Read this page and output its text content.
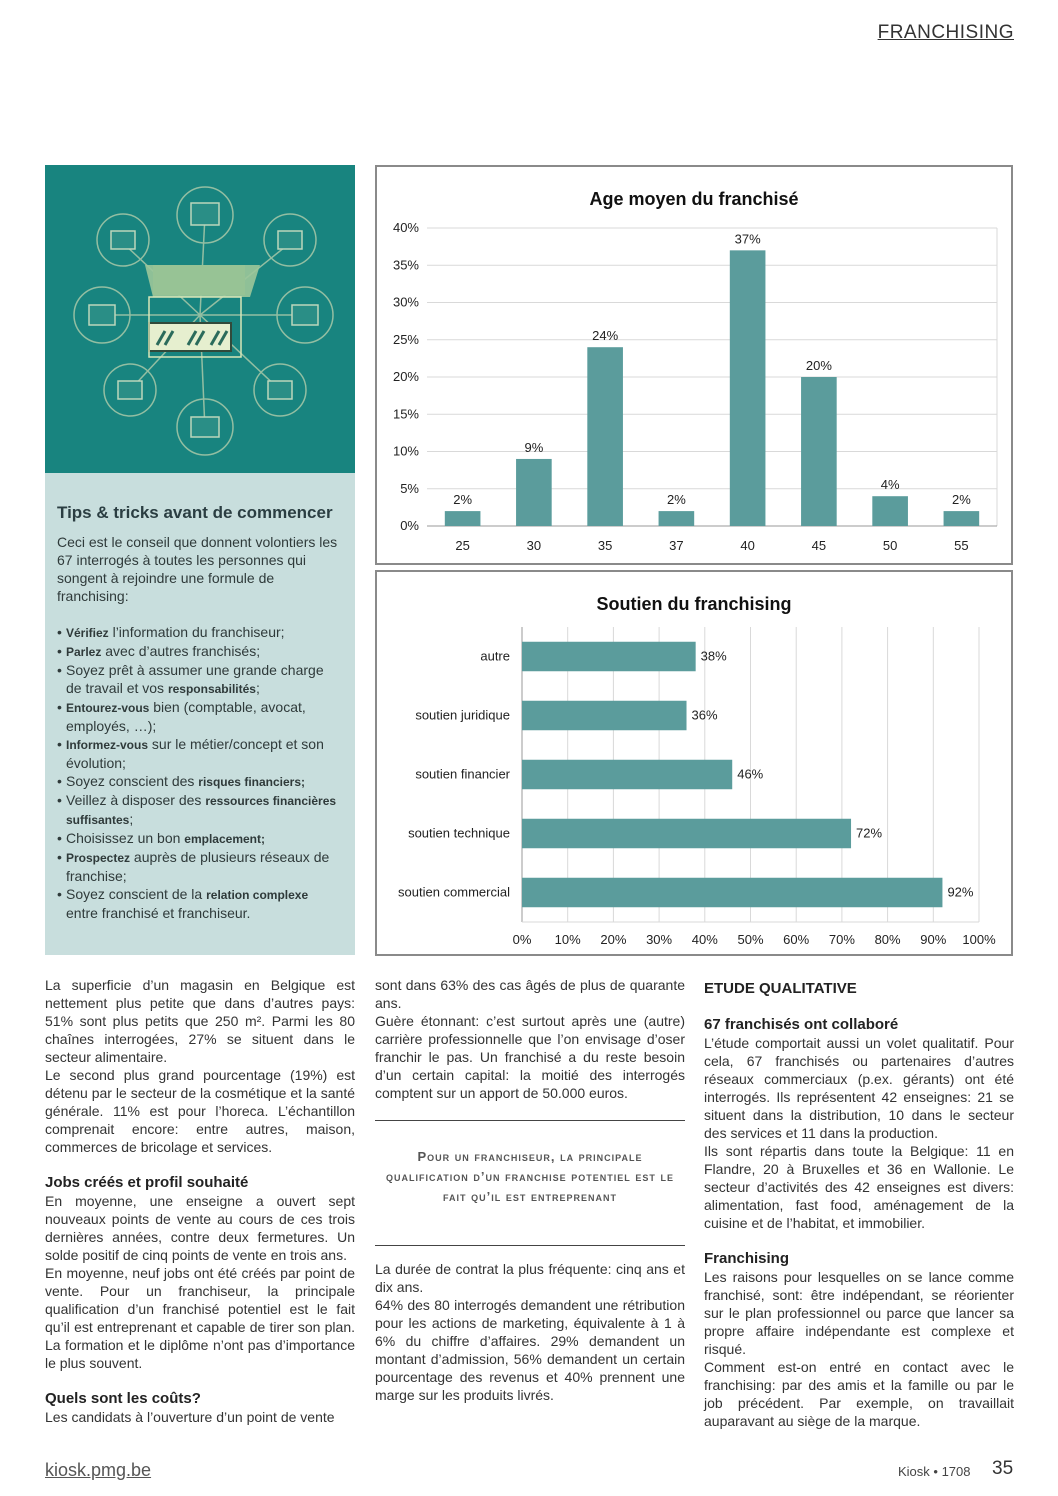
FRANCHISING
Tips & tricks avant de commencer

Ceci est le conseil que donnent volontiers les 67 interrogés à toutes les personnes qui songent à rejoindre une formule de franchising:

• Vérifiez l’information du franchiseur;
• Parlez avec d’autres franchisés;
• Soyez prêt à assumer une grande charge de travail et vos responsabilités;
• Entourez-vous bien (comptable, avocat, employés, …);
• Informez-vous sur le métier/concept et son évolution;
• Soyez conscient des risques financiers;
• Veillez à disposer des ressources financières suffisantes;
• Choisissez un bon emplacement;
• Prospectez auprès de plusieurs réseaux de franchise;
• Soyez conscient de la relation complexe entre franchisé et franchiseur.
Age moyen du franchisé
0%
5%
10%
15%
20%
25%
30%
35%
40%
2%
25
9%
30
24%
35
2%
37
37%
40
20%
45
4%
50
2%
55
Soutien du franchising
0% 10% 20% 30% 40% 50% 60% 70% 80% 90% 100%
38%
autre
36%
soutien juridique
46%
soutien financier
72%
soutien technique
92%
soutien commercial

La superficie d’un magasin en Belgique est nettement plus petite que dans d’autres pays: 51% sont plus petits que 250 m². Parmi les 80 chaînes interrogées, 27% se situent dans le secteur alimentaire.

Le second plus grand pourcentage (19%) est détenu par le secteur de la cosmétique et la santé générale. 11% est pour l’horeca. L’échantillon comprenait encore: entre autres, maison, commerces de bricolage et services.

Jobs créés et profil souhaité

En moyenne, une enseigne a ouvert sept nouveaux points de vente au cours de ces trois dernières années, contre deux fermetures. Un solde positif de cinq points de vente en trois ans.

En moyenne, neuf jobs ont été créés par point de vente. Pour un franchiseur, la principale qualification d’un franchisé potentiel est le fait qu’il est entreprenant et capable de tirer son plan. La formation et le diplôme n’ont pas d’importance le plus souvent.

Quels sont les coûts?

Les candidats à l’ouverture d’un point de vente

sont dans 63% des cas âgés de plus de quarante ans.

Guère étonnant: c’est surtout après une (autre) carrière professionnelle que l’on envisage d’oser franchir le pas. Un franchisé a du reste besoin d’un certain capital: la moitié des interrogés comptent sur un apport de 50.000 euros.

Pour un franchiseur, la principale qualification d’un franchise potentiel est le fait qu’il est entreprenant

La durée de contrat la plus fréquente: cinq ans et dix ans.

64% des 80 interrogés demandent une rétribution pour les actions de marketing, équivalente à 1 à 6% du chiffre d’affaires. 29% demandent un montant d’admission, 56% demandent un certain pourcentage des revenus et 40% prennent une marge sur les produits livrés.

ETUDE QUALITATIVE
67 franchisés ont collaboré

L’étude comportait aussi un volet qualitatif. Pour cela, 67 franchisés ou partenaires d’autres réseaux commerciaux (p.ex. gérants) ont été interrogés. Ils représentent 42 enseignes: 21 se situent dans la distribution, 10 dans le secteur des services et 11 dans la production.

Ils sont répartis dans toute la Belgique: 11 en Flandre, 20 à Bruxelles et 36 en Wallonie. Le secteur d’activités des 42 enseignes est divers: alimentation, fast food, aménagement de la cuisine et de l’habitat, et immobilier.

Franchising

Les raisons pour lesquelles on se lance comme franchisé, sont: être indépendant, se réorienter sur le plan professionnel ou parce que lancer sa propre affaire indépendante est complexe et risqué.

Comment est-on entré en contact avec le franchising: par des amis et la famille ou par le job précédent. Par exemple, on travaillait auparavant au siège de la marque.

kiosk.pmg.be	Kiosk • 1708 35
